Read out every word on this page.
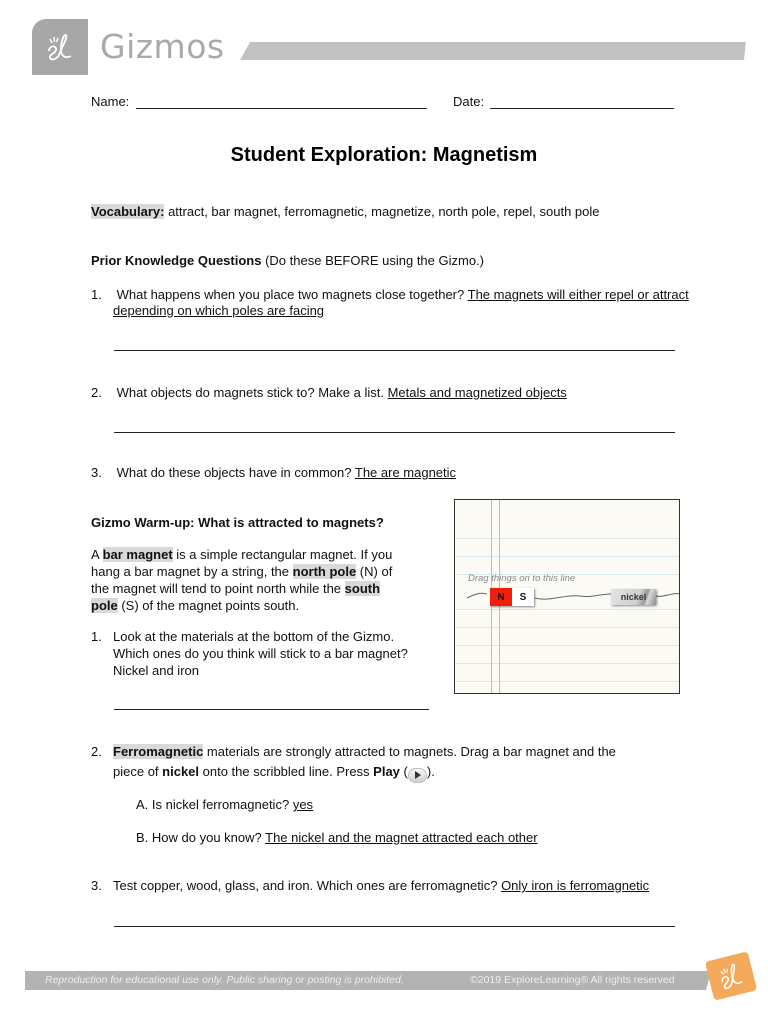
Gizmos
Name:	Date:
Student Exploration: Magnetism
Vocabulary: attract, bar magnet, ferromagnetic, magnetize, north pole, repel, south pole
Prior Knowledge Questions (Do these BEFORE using the Gizmo.)
1. What happens when you place two magnets close together? The magnets will either repel or attract
depending on which poles are facing
2. What objects do magnets stick to? Make a list. Metals and magnetized objects
3. What do these objects have in common? The are magnetic
Gizmo Warm-up: What is attracted to magnets?
A bar magnet is a simple rectangular magnet. If you
hang a bar magnet by a string, the north pole (N) of
the magnet will tend to point north while the south
pole (S) of the magnet points south.
1. Look at the materials at the bottom of the Gizmo.
Which ones do you think will stick to a bar magnet?
Nickel and iron
Drag things on to this line
N	S	nickel
2. Ferromagnetic materials are strongly attracted to magnets. Drag a bar magnet and the
piece of nickel onto the scribbled line. Press Play ( ).
A. Is nickel ferromagnetic? yes
B. How do you know? The nickel and the magnet attracted each other
3. Test copper, wood, glass, and iron. Which ones are ferromagnetic? Only iron is ferromagnetic
Reproduction for educational use only. Public sharing or posting is prohibited.	©2019 ExploreLearning® All rights reserved
